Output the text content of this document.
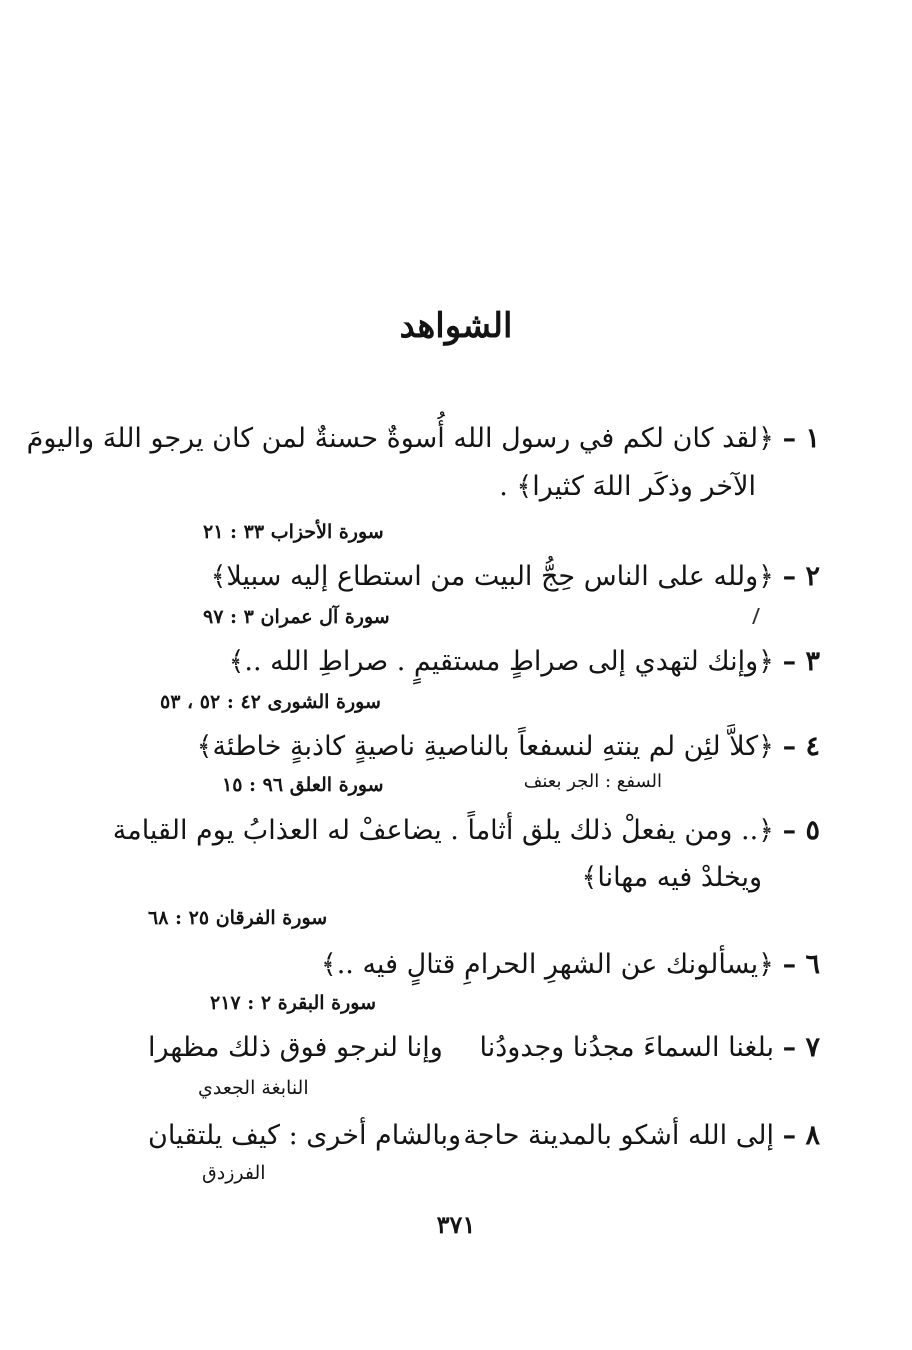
الشواهد
١ – ﴿لقد كان لكم في رسول الله أُسوةٌ حسنةٌ لمن كان يرجو اللهَ واليومَ
الآخر وذكَر اللهَ كثيرا﴾ .
سورة الأحزاب ٣٣ : ٢١
٢ – ﴿ولله على الناس حِجُّ البيت من استطاع إليه سبيلا﴾
سورة آل عمران ٣ : ٩٧
٣ – ﴿وإنك لتهدي إلى صراطٍ مستقيمٍ . صراطِ الله ..﴾
سورة الشورى ٤٢ : ٥٢ ، ٥٣
٤ – ﴿كلاَّ لئِن لم ينتهِ لنسفعاً بالناصيةِ ناصيةٍ كاذبةٍ خاطئة﴾
السفع : الجر بعنف
سورة العلق ٩٦ : ١٥
٥ – ﴿.. ومن يفعلْ ذلك يلق أثاماً . يضاعفْ له العذابُ يوم القيامة
ويخلدْ فيه مهانا﴾
سورة الفرقان ٢٥ : ٦٨
٦ – ﴿يسألونك عن الشهرِ الحرامِ قتالٍ فيه ..﴾
سورة البقرة ٢ : ٢١٧
٧ – بلغنا السماءَ مجدُنا وجدودُنا
وإنا لنرجو فوق ذلك مظهرا
النابغة الجعدي
٨ – إلى الله أشكو بالمدينة حاجة
وبالشام أخرى : كيف يلتقيان
الفرزدق
٣٧١
